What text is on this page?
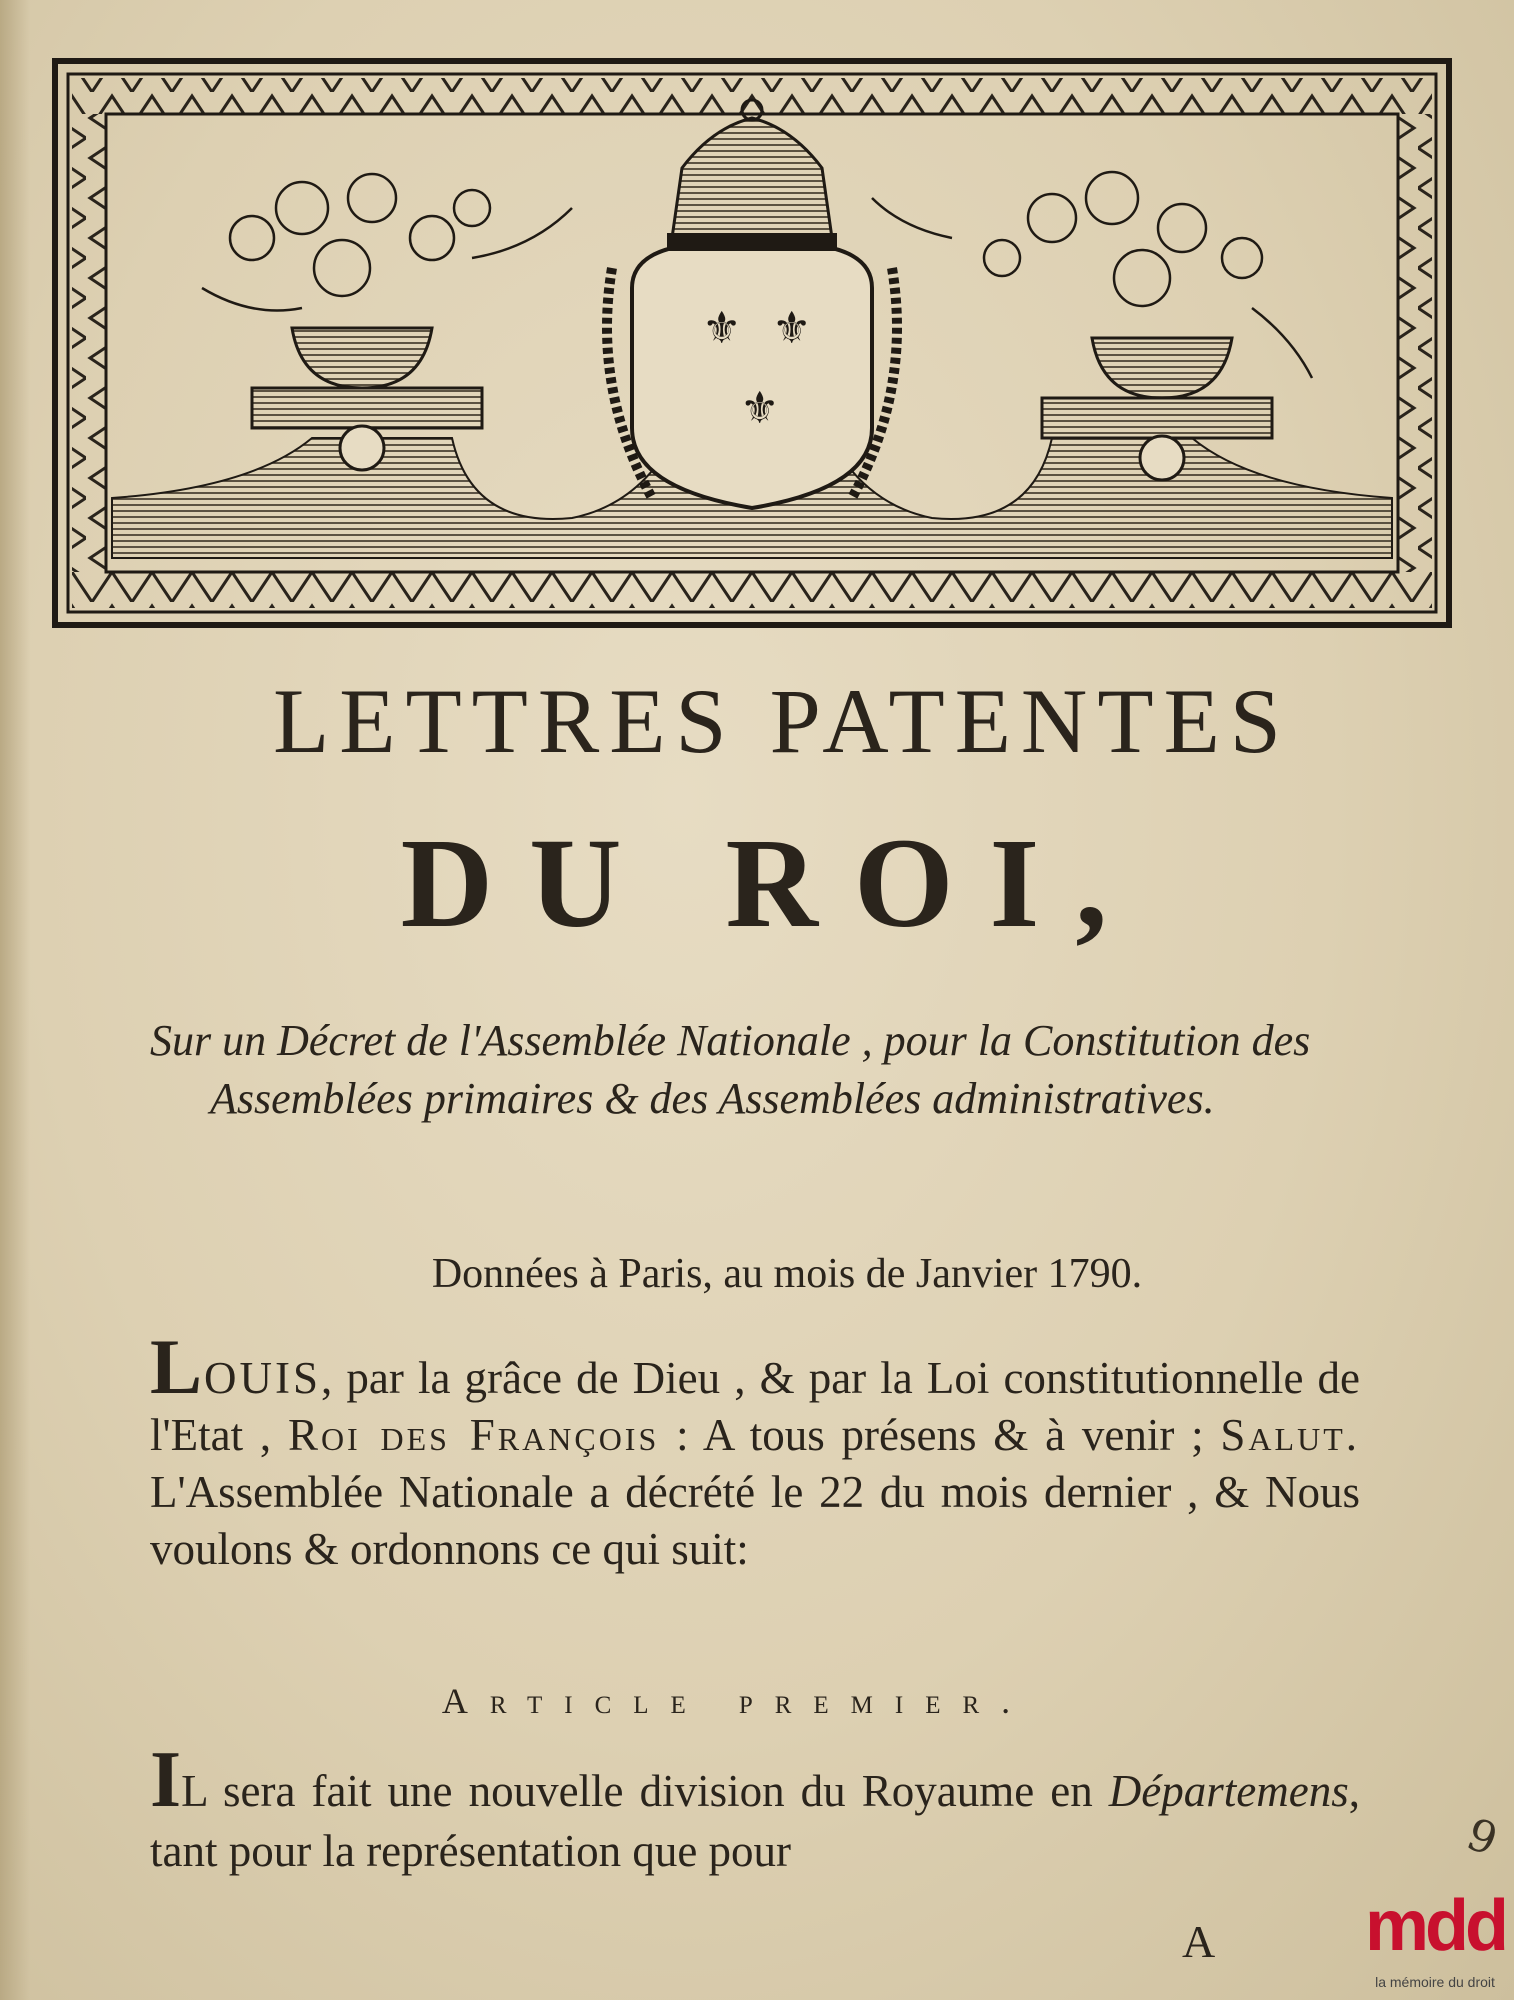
⚜ ⚜
⚜
LETTRES PATENTES
DU ROI,

Sur un Décret de l'Assemblée Nationale , pour la Constitution des Assemblées primaires & des Assemblées administratives.

Données à Paris, au mois de Janvier 1790.

LOUIS, par la grâce de Dieu , & par la Loi constitutionnelle de l'Etat , Roi des François : A tous présens & à venir ; Salut. L'Assemblée Nationale a décrété le 22 du mois dernier , & Nous voulons & ordonnons ce qui suit:

Article premier.

IL sera fait une nouvelle division du Royaume en Départemens, tant pour la représentation que pour

A

9
mdd
la mémoire du droit
